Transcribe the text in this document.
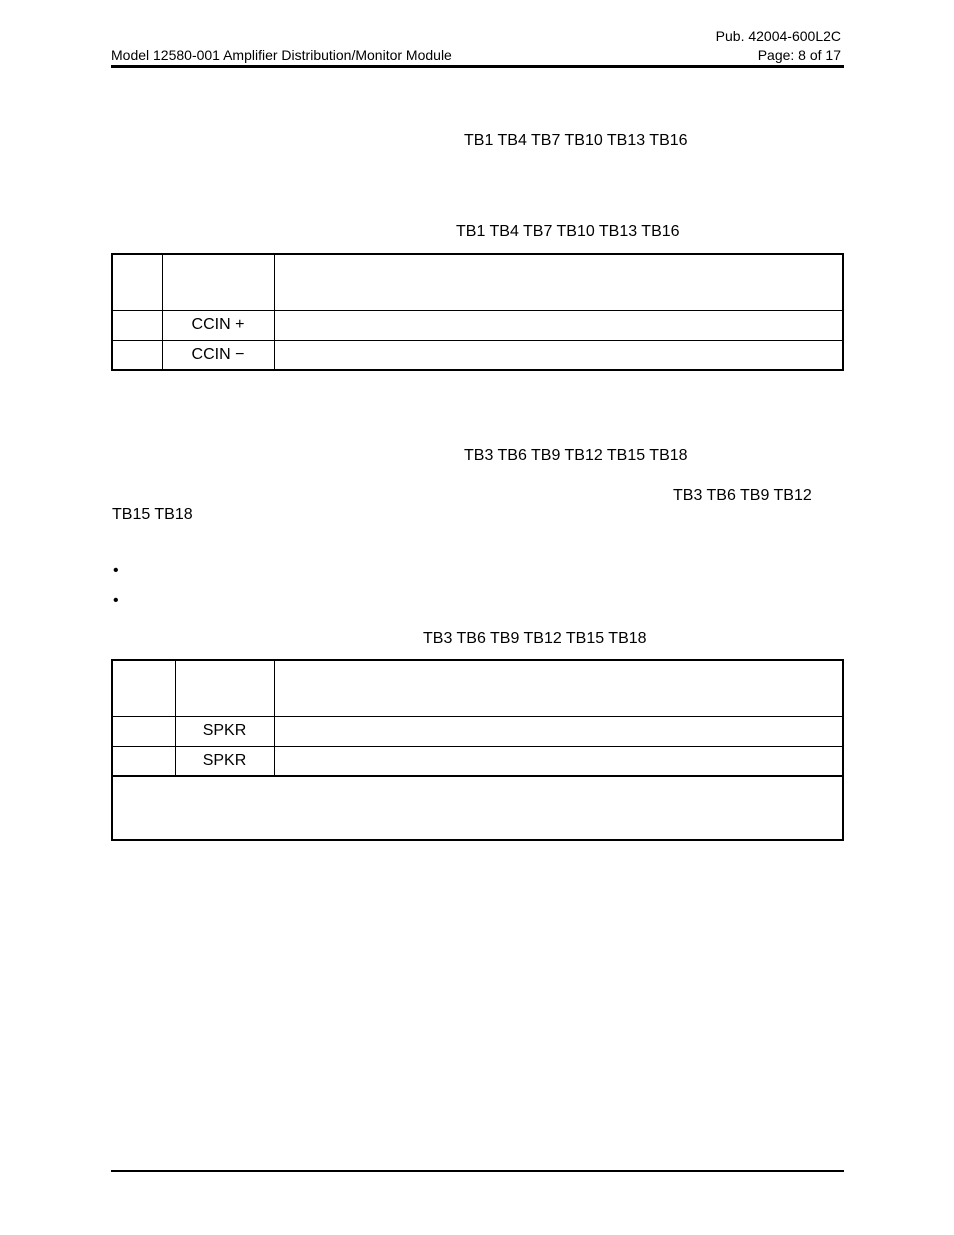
Pub. 42004-600L2C
Model 12580-001 Amplifier Distribution/Monitor Module	Page: 8 of 17
TB1 TB4 TB7 TB10 TB13 TB16
TB1 TB4 TB7 TB10 TB13 TB16

	CCIN +	
	CCIN −	
TB3 TB6 TB9 TB12 TB15 TB18
TB3 TB6 TB9 TB12
TB15 TB18
•
•
TB3 TB6 TB9 TB12 TB15 TB18

	SPKR	
	SPKR	
